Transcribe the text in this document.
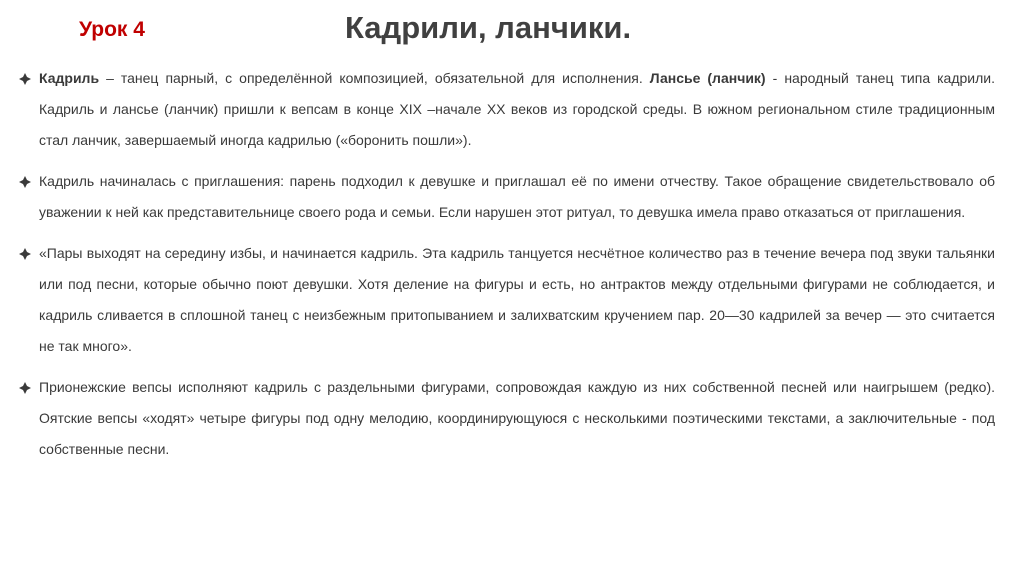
Урок 4	Кадрили, ланчики.
Кадриль – танец парный, с определённой композицией, обязательной для исполнения. Лансье (ланчик) - народный танец типа кадрили. Кадриль и лансье (ланчик) пришли к вепсам в конце XIX –начале XX веков из городской среды. В южном региональном стиле традиционным стал ланчик, завершаемый иногда кадрилью («боронить пошли»).
Кадриль начиналась с приглашения: парень подходил к девушке и приглашал её по имени отчеству. Такое обращение свидетельствовало об уважении к ней как представительнице своего рода и семьи. Если нарушен этот ритуал, то девушка имела право отказаться от приглашения.
«Пары выходят на середину избы, и начинается кадриль. Эта кадриль танцуется несчётное количество раз в течение вечера под звуки тальянки или под песни, которые обычно поют девушки. Хотя деление на фигуры и есть, но антрактов между отдельными фигурами не соблюдается, и кадриль сливается в сплошной танец с неизбежным притопыванием и залихватским кручением пар. 20—30 кадрилей за вечер — это считается не так много».
Прионежские вепсы исполняют кадриль с раздельными фигурами, сопровождая каждую из них собственной песней или наигрышем (редко). Оятские вепсы «ходят» четыре фигуры под одну мелодию, координирующуюся с несколькими поэтическими текстами, а заключительные - под собственные песни.
